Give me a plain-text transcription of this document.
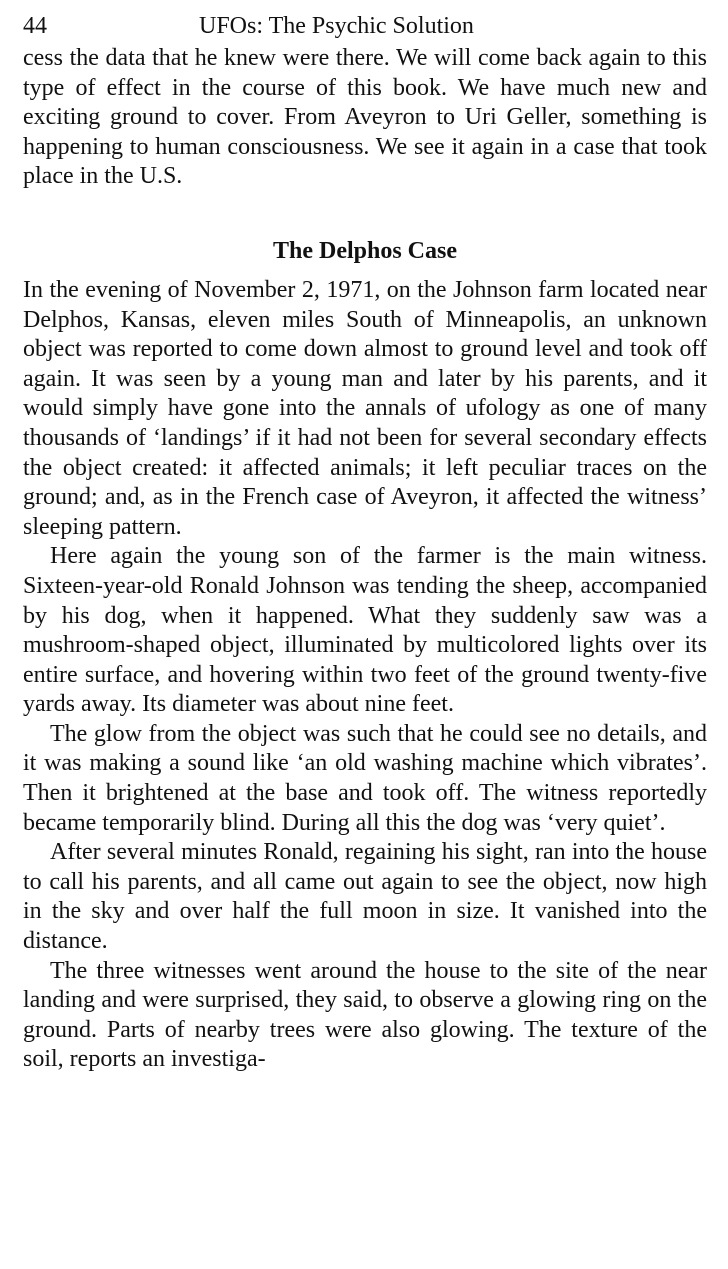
44	UFOs: The Psychic Solution

cess the data that he knew were there. We will come back again to this type of effect in the course of this book. We have much new and exciting ground to cover. From Aveyron to Uri Geller, something is happening to human consciousness. We see it again in a case that took place in the U.S.

The Delphos Case

In the evening of November 2, 1971, on the Johnson farm located near Delphos, Kansas, eleven miles South of Minneapolis, an unknown object was reported to come down almost to ground level and took off again. It was seen by a young man and later by his parents, and it would simply have gone into the annals of ufology as one of many thousands of ‘landings’ if it had not been for several secondary effects the object created: it affected animals; it left peculiar traces on the ground; and, as in the French case of Aveyron, it affected the witness’ sleeping pattern.

Here again the young son of the farmer is the main witness. Sixteen-year-old Ronald Johnson was tending the sheep, accompanied by his dog, when it happened. What they suddenly saw was a mushroom-shaped object, illuminated by multicolored lights over its entire surface, and hovering within two feet of the ground twenty-five yards away. Its diameter was about nine feet.

The glow from the object was such that he could see no details, and it was making a sound like ‘an old washing machine which vibrates’. Then it brightened at the base and took off. The witness reportedly became temporarily blind. During all this the dog was ‘very quiet’.

After several minutes Ronald, regaining his sight, ran into the house to call his parents, and all came out again to see the object, now high in the sky and over half the full moon in size. It vanished into the distance.

The three witnesses went around the house to the site of the near landing and were surprised, they said, to observe a glowing ring on the ground. Parts of nearby trees were also glowing. The texture of the soil, reports an investiga-
